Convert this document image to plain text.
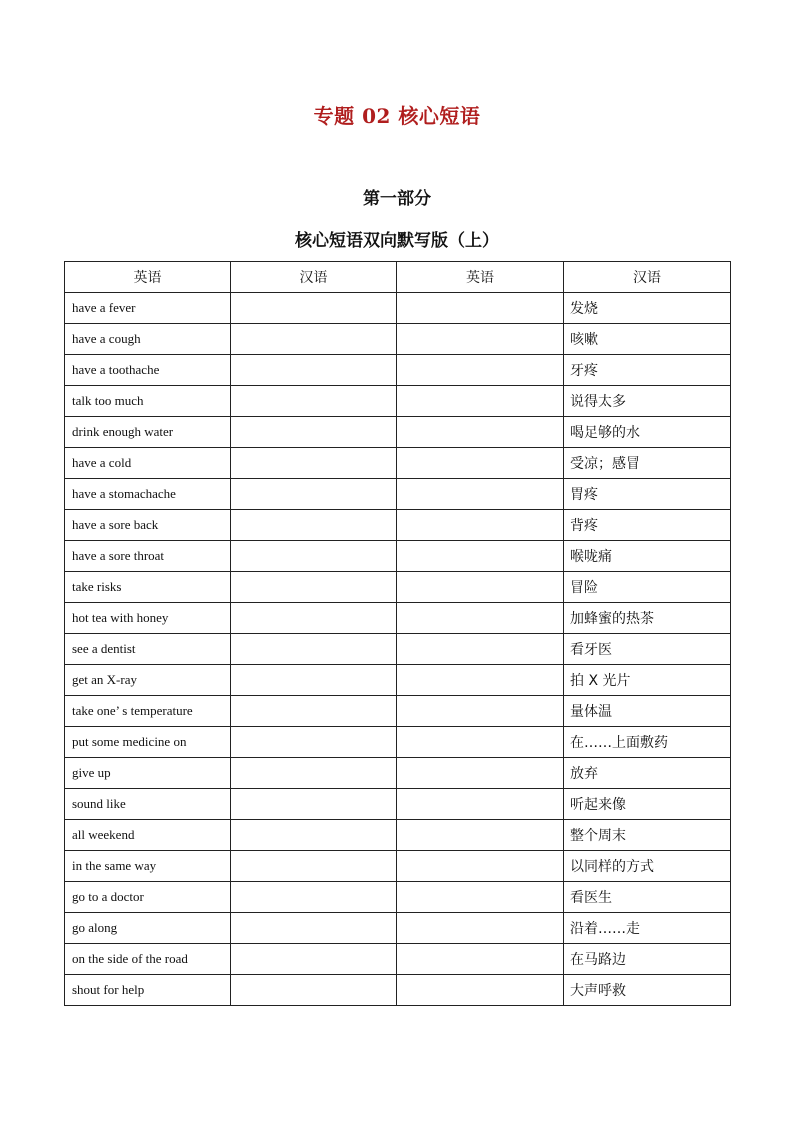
专题 02 核心短语
第一部分
核心短语双向默写版（上）
英语	汉语	英语	汉语
have a fever			发烧
have a cough			咳嗽
have a toothache			牙疼
talk too much			说得太多
drink enough water			喝足够的水
have a cold			受凉；感冒
have a stomachache			胃疼
have a sore back			背疼
have a sore throat			喉咙痛
take risks			冒险
hot tea with honey			加蜂蜜的热茶
see a dentist			看牙医
get an X-ray			拍 X 光片
take one’ s temperature			量体温
put some medicine on			在……上面敷药
give up			放弃
sound like			听起来像
all weekend			整个周末
in the same way			以同样的方式
go to a doctor			看医生
go along			沿着……走
on the side of the road			在马路边
shout for help			大声呼救
